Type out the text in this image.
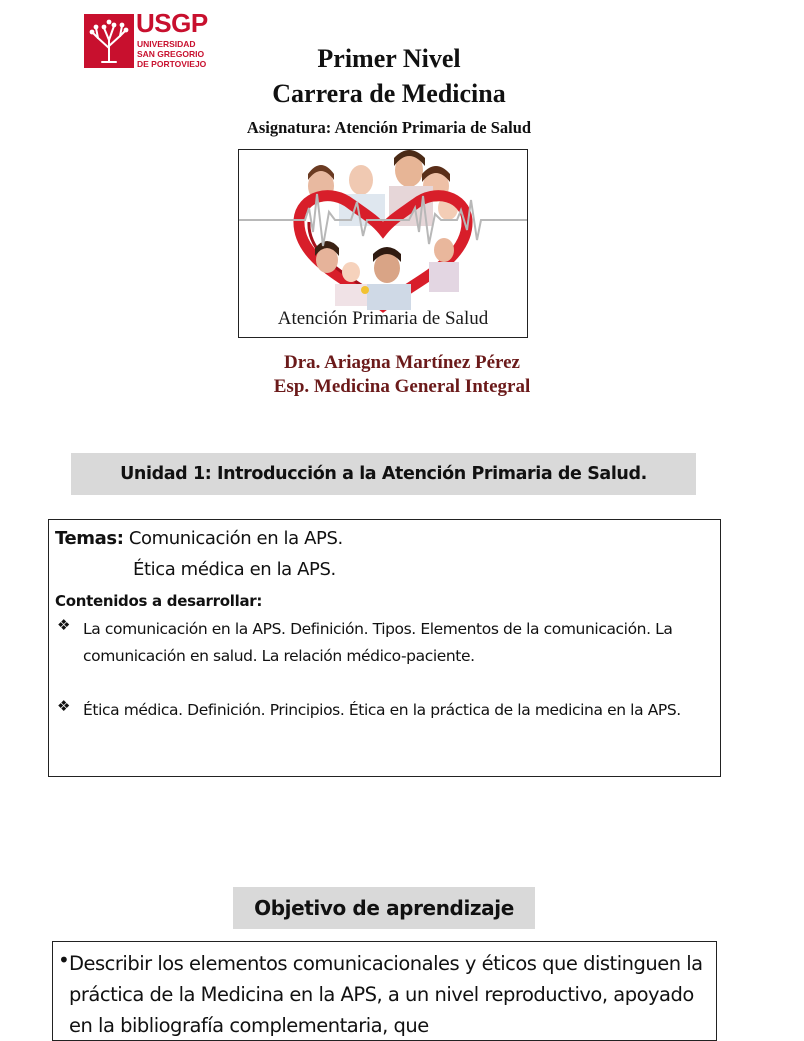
USGP
UNIVERSIDAD
SAN GREGORIO
DE PORTOVIEJO	Primer Nivel
Carrera de Medicina
Asignatura: Atención Primaria de Salud
Atención Primaria de Salud
Dra. Ariagna Martínez Pérez
Esp. Medicina General Integral
Unidad 1: Introducción a la Atención Primaria de Salud.
Temas: Comunicación en la APS.
Ética médica en la APS.
Contenidos a desarrollar:
❖ La comunicación en la APS. Definición. Tipos. Elementos de la comunicación. La comunicación en salud. La relación médico-paciente.
❖ Ética médica. Definición. Principios. Ética en la práctica de la medicina en la APS.
Objetivo de aprendizaje
• Describir los elementos comunicacionales y éticos que distinguen la práctica de la Medicina en la APS, a un nivel reproductivo, apoyado en la bibliografía complementaria, que
